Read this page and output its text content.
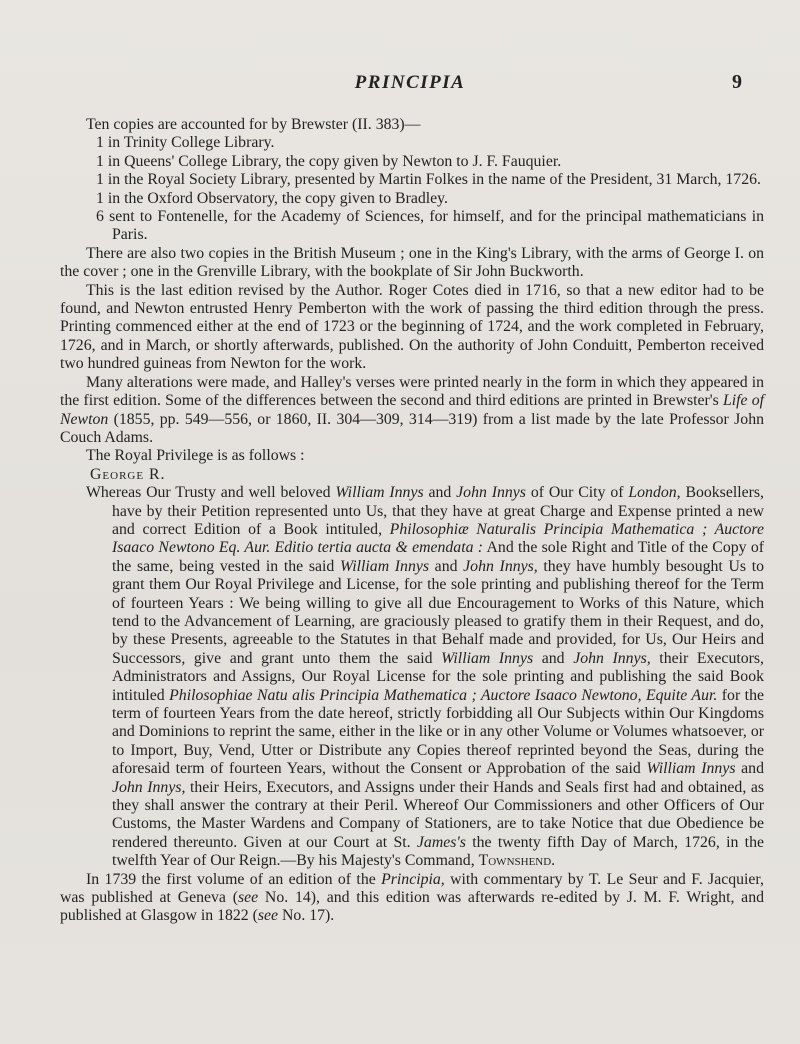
PRINCIPIA	9

Ten copies are accounted for by Brewster (II. 383)—

1 in Trinity College Library.
1 in Queens' College Library, the copy given by Newton to J. F. Fauquier.
1 in the Royal Society Library, presented by Martin Folkes in the name of the President, 31 March, 1726.
1 in the Oxford Observatory, the copy given to Bradley.
6 sent to Fontenelle, for the Academy of Sciences, for himself, and for the principal mathematicians in Paris.

There are also two copies in the British Museum ; one in the King's Library, with the arms of George I. on the cover ; one in the Grenville Library, with the bookplate of Sir John Buckworth.

This is the last edition revised by the Author. Roger Cotes died in 1716, so that a new editor had to be found, and Newton entrusted Henry Pemberton with the work of passing the third edition through the press. Printing commenced either at the end of 1723 or the beginning of 1724, and the work completed in February, 1726, and in March, or shortly afterwards, published. On the authority of John Conduitt, Pemberton received two hundred guineas from Newton for the work.

Many alterations were made, and Halley's verses were printed nearly in the form in which they appeared in the first edition. Some of the differences between the second and third editions are printed in Brewster's Life of Newton (1855, pp. 549—556, or 1860, II. 304—309, 314—319) from a list made by the late Professor John Couch Adams.

The Royal Privilege is as follows :

George R.

Whereas Our Trusty and well beloved William Innys and John Innys of Our City of London, Booksellers, have by their Petition represented unto Us, that they have at great Charge and Expense printed a new and correct Edition of a Book intituled, Philosophiæ Naturalis Principia Mathematica ; Auctore Isaaco Newtono Eq. Aur. Editio tertia aucta & emendata : And the sole Right and Title of the Copy of the same, being vested in the said William Innys and John Innys, they have humbly besought Us to grant them Our Royal Privilege and License, for the sole printing and publishing thereof for the Term of fourteen Years : We being willing to give all due Encouragement to Works of this Nature, which tend to the Advancement of Learning, are graciously pleased to gratify them in their Request, and do, by these Presents, agreeable to the Statutes in that Behalf made and provided, for Us, Our Heirs and Successors, give and grant unto them the said William Innys and John Innys, their Executors, Administrators and Assigns, Our Royal License for the sole printing and publishing the said Book intituled Philosophiae Natu alis Principia Mathematica ; Auctore Isaaco Newtono, Equite Aur. for the term of fourteen Years from the date hereof, strictly forbidding all Our Subjects within Our Kingdoms and Dominions to reprint the same, either in the like or in any other Volume or Volumes whatsoever, or to Import, Buy, Vend, Utter or Distribute any Copies thereof reprinted beyond the Seas, during the aforesaid term of fourteen Years, without the Consent or Approbation of the said William Innys and John Innys, their Heirs, Executors, and Assigns under their Hands and Seals first had and obtained, as they shall answer the contrary at their Peril. Whereof Our Commissioners and other Officers of Our Customs, the Master Wardens and Company of Stationers, are to take Notice that due Obedience be rendered thereunto. Given at our Court at St. James's the twenty fifth Day of March, 1726, in the twelfth Year of Our Reign.—By his Majesty's Command, Townshend.

In 1739 the first volume of an edition of the Principia, with commentary by T. Le Seur and F. Jacquier, was published at Geneva (see No. 14), and this edition was afterwards re-edited by J. M. F. Wright, and published at Glasgow in 1822 (see No. 17).
